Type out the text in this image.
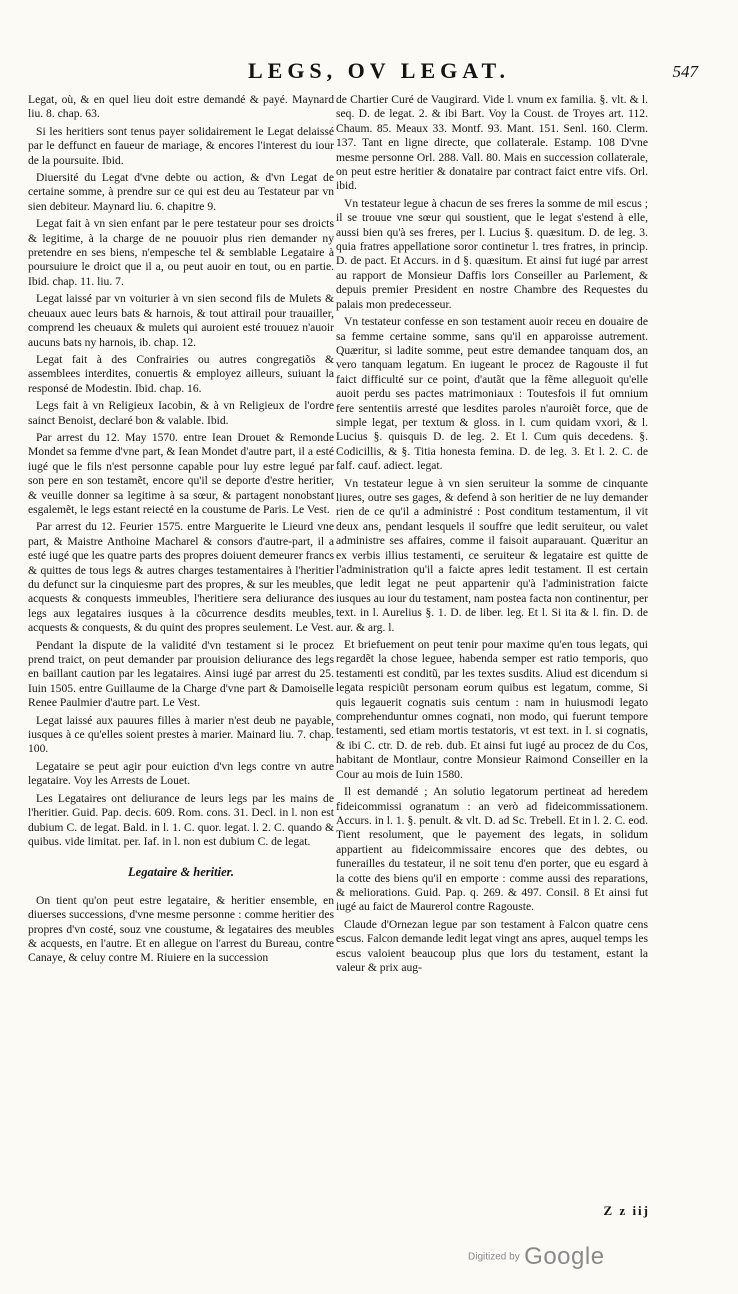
LEGS, OV LEGAT.	547

Legat, où, & en quel lieu doit estre demandé & payé. Maynard liu. 8. chap. 63.

Si les heritiers sont tenus payer solidairement le Legat delaissé par le deffunct en faueur de mariage, & encores l'interest du iour de la poursuite. Ibid.

Diuersité du Legat d'vne debte ou action, & d'vn Legat de certaine somme, à prendre sur ce qui est deu au Testateur par vn sien debiteur. Maynard liu. 6. chapitre 9.

Legat fait à vn sien enfant par le pere testateur pour ses droicts & legitime, à la charge de ne pouuoir plus rien demander ny pretendre en ses biens, n'empesche tel & semblable Legataire à poursuiure le droict que il a, ou peut auoir en tout, ou en partie. Ibid. chap. 11. liu. 7.

Legat laissé par vn voiturier à vn sien second fils de Mulets & cheuaux auec leurs bats & harnois, & tout attirail pour trauailler, comprend les cheuaux & mulets qui auroient esté trouuez n'auoir aucuns bats ny harnois, ib. chap. 12.

Legat fait à des Confrairies ou autres congregatiõs & assemblees interdites, conuertis & employez ailleurs, suiuant la responsé de Modestin. Ibid. chap. 16.

Legs fait à vn Religieux Iacobin, & à vn Religieux de l'ordre sainct Benoist, declaré bon & valable. Ibid.

Par arrest du 12. May 1570. entre Iean Drouet & Remonde Mondet sa femme d'vne part, & Iean Mondet d'autre part, il a esté iugé que le fils n'est personne capable pour luy estre legué par son pere en son testamẽt, encore qu'il se deporte d'estre heritier, & veuille donner sa legitime à sa sœur, & partagent nonobstant esgalemẽt, le legs estant reiecté en la coustume de Paris. Le Vest.

Par arrest du 12. Feurier 1575. entre Marguerite le Lieurd vne part, & Maistre Anthoine Macharel & consors d'autre-part, il a esté iugé que les quatre parts des propres doiuent demeurer francs & quittes de tous legs & autres charges testamentaires à l'heritier du defunct sur la cinquiesme part des propres, & sur les meubles, acquests & conquests immeubles, l'heritiere sera deliurance des legs aux legataires iusques à la cõcurrence desdits meubles, acquests & conquests, & du quint des propres seulement. Le Vest.

Pendant la dispute de la validité d'vn testament si le procez prend traict, on peut demander par prouision deliurance des legs en baillant caution par les legataires. Ainsi iugé par arrest du 25. Iuin 1505. entre Guillaume de la Charge d'vne part & Damoiselle Renee Paulmier d'autre part. Le Vest.

Legat laissé aux pauures filles à marier n'est deub ne payable, iusques à ce qu'elles soient prestes à marier. Mainard liu. 7. chap. 100.

Legataire se peut agir pour euiction d'vn legs contre vn autre legataire. Voy les Arrests de Louet.

Les Legataires ont deliurance de leurs legs par les mains de l'heritier. Guid. Pap. decis. 609. Rom. cons. 31. Decl. in l. non est dubium C. de legat. Bald. in l. 1. C. quor. legat. l. 2. C. quando & quibus. vide limitat. per. Iaf. in l. non est dubium C. de legat.

Legataire & heritier.

On tient qu'on peut estre legataire, & heritier ensemble, en diuerses successions, d'vne mesme personne : comme heritier des propres d'vn costé, souz vne coustume, & legataires des meubles & acquests, en l'autre. Et en allegue on l'arrest du Bureau, contre Canaye, & celuy contre M. Riuiere en la succession

de Chartier Curé de Vaugirard. Vide l. vnum ex familia. §. vlt. & l. seq. D. de legat. 2. & ibi Bart. Voy la Coust. de Troyes art. 112. Chaum. 85. Meaux 33. Montf. 93. Mant. 151. Senl. 160. Clerm. 137. Tant en ligne directe, que collaterale. Estamp. 108 D'vne mesme personne Orl. 288. Vall. 80. Mais en succession collaterale, on peut estre heritier & donataire par contract faict entre vifs. Orl. ibid.

Vn testateur legue à chacun de ses freres la somme de mil escus ; il se trouue vne sœur qui soustient, que le legat s'estend à elle, aussi bien qu'à ses freres, per l. Lucius §. quæsitum. D. de leg. 3. quia fratres appellatione soror continetur l. tres fratres, in princip. D. de pact. Et Accurs. in d §. quæsitum. Et ainsi fut iugé par arrest au rapport de Monsieur Daffis lors Conseiller au Parlement, & depuis premier President en nostre Chambre des Requestes du palais mon predecesseur.

Vn testateur confesse en son testament auoir receu en douaire de sa femme certaine somme, sans qu'il en apparoisse autrement. Quæritur, si ladite somme, peut estre demandee tanquam dos, an vero tanquam legatum. En iugeant le procez de Ragouste il fut faict difficulté sur ce point, d'autãt que la fẽme alleguoit qu'elle auoit perdu ses pactes matrimoniaux : Toutesfois il fut omnium fere sententiis arresté que lesdites paroles n'auroiẽt force, que de simple legat, per textum & gloss. in l. cum quidam vxori, & l. Lucius §. quisquis D. de leg. 2. Et l. Cum quis decedens. §. Codicillis, & §. Titia honesta femina. D. de leg. 3. Et l. 2. C. de falf. cauf. adiect. legat.

Vn testateur legue à vn sien seruiteur la somme de cinquante liures, outre ses gages, & defend à son heritier de ne luy demander rien de ce qu'il a administré : Post conditum testamentum, il vit deux ans, pendant lesquels il souffre que ledit seruiteur, ou valet administre ses affaires, comme il faisoit auparauant. Quæritur an ex verbis illius testamenti, ce seruiteur & legataire est quitte de l'administration qu'il a faicte apres ledit testament. Il est certain que ledit legat ne peut appartenir qu'à l'administration faicte iusques au iour du testament, nam postea facta non continentur, per text. in l. Aurelius §. 1. D. de liber. leg. Et l. Si ita & l. fin. D. de aur. & arg. l.

Et briefuement on peut tenir pour maxime qu'en tous legats, qui regardẽt la chose leguee, habenda semper est ratio temporis, quo testamenti est conditũ, par les textes susdits. Aliud est dicendum si legata respiciũt personam eorum quibus est legatum, comme, Si quis legauerit cognatis suis centum : nam in huiusmodi legato comprehenduntur omnes cognati, non modo, qui fuerunt tempore testamenti, sed etiam mortis testatoris, vt est text. in l. si cognatis, & ibi C. ctr. D. de reb. dub. Et ainsi fut iugé au procez de du Cos, habitant de Montlaur, contre Monsieur Raimond Conseiller en la Cour au mois de Iuin 1580.

Il est demandé ; An solutio legatorum pertineat ad heredem fideicommissi ogranatum : an verò ad fideicommissationem. Accurs. in l. 1. §. penult. & vlt. D. ad Sc. Trebell. Et in l. 2. C. eod. Tient resolument, que le payement des legats, in solidum appartient au fideicommissaire encores que des debtes, ou funerailles du testateur, il ne soit tenu d'en porter, que eu esgard à la cotte des biens qu'il en emporte : comme aussi des reparations, & meliorations. Guid. Pap. q. 269. & 497. Consil. 8 Et ainsi fut iugé au faict de Maurerol contre Ragouste.

Claude d'Ornezan legue par son testament à Falcon quatre cens escus. Falcon demande ledit legat vingt ans apres, auquel temps les escus valoient beaucoup plus que lors du testament, estant la valeur & prix aug-

Z z iij
Digitized by Google
